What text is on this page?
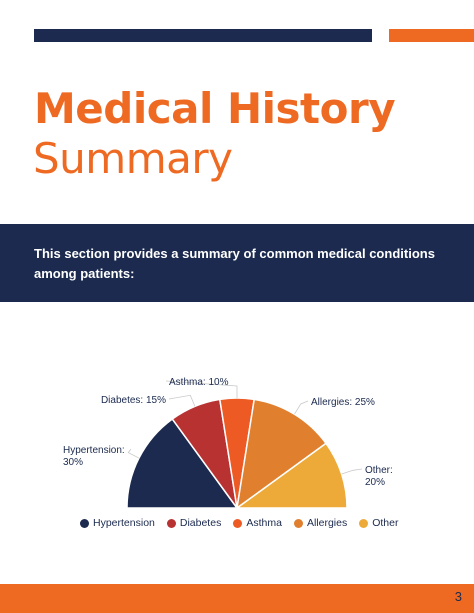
Medical History
Summary
This section provides a summary of common medical conditions among patients:
Hypertension: 30%
Diabetes: 15%
Asthma: 10%
Allergies: 25%
Other: 20%
Hypertension Diabetes Asthma Allergies Other
3
